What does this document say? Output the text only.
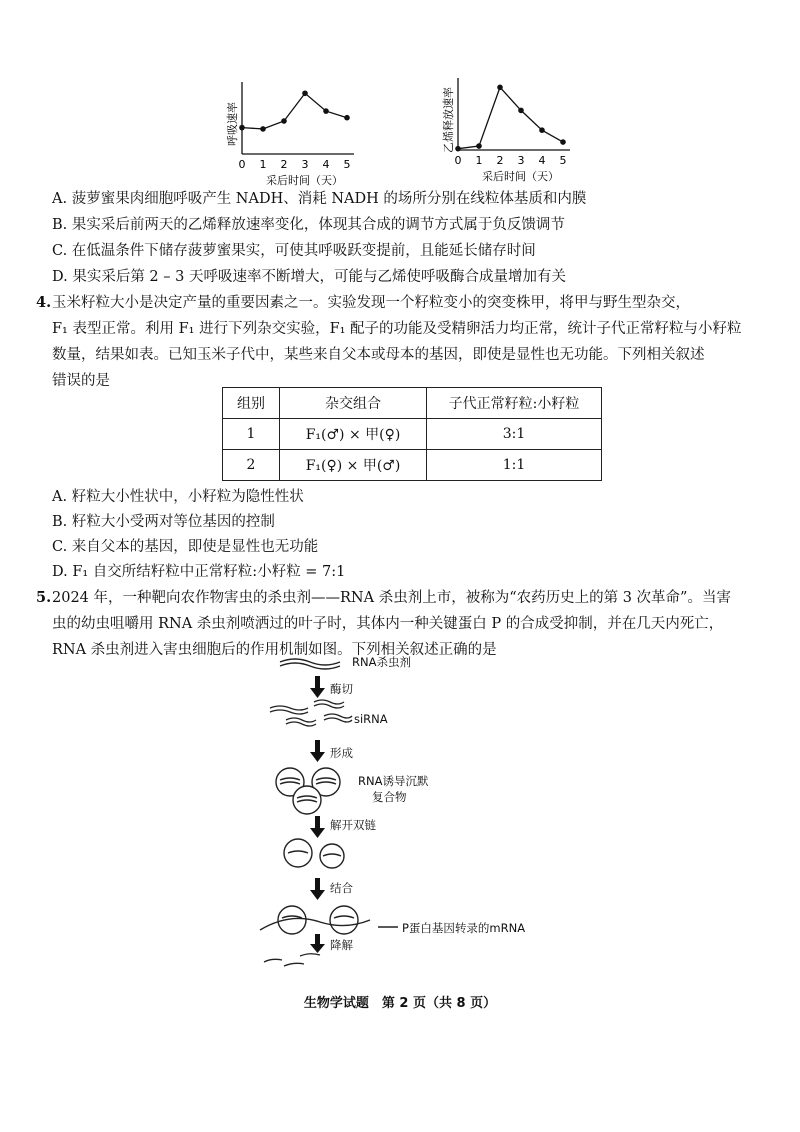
呼吸速率
0 1 2 3 4 5
采后时间（天）
乙烯释放速率
0 1 2 3 4 5
采后时间（天）
A. 菠萝蜜果肉细胞呼吸产生 NADH、消耗 NADH 的场所分别在线粒体基质和内膜
B. 果实采后前两天的乙烯释放速率变化，体现其合成的调节方式属于负反馈调节
C. 在低温条件下储存菠萝蜜果实，可使其呼吸跃变提前，且能延长储存时间
D. 果实采后第 2 – 3 天呼吸速率不断增大，可能与乙烯使呼吸酶合成量增加有关
4. 玉米籽粒大小是决定产量的重要因素之一。实验发现一个籽粒变小的突变株甲，将甲与野生型杂交，
F₁ 表型正常。利用 F₁ 进行下列杂交实验，F₁ 配子的功能及受精卵活力均正常，统计子代正常籽粒与小籽粒
数量，结果如表。已知玉米子代中，某些来自父本或母本的基因，即使是显性也无功能。下列相关叙述
错误的是
组别	杂交组合	子代正常籽粒:小籽粒
1	F₁(♂) × 甲(♀)	3:1
2	F₁(♀) × 甲(♂)	1:1
A. 籽粒大小性状中，小籽粒为隐性性状
B. 籽粒大小受两对等位基因的控制
C. 来自父本的基因，即使是显性也无功能
D. F₁ 自交所结籽粒中正常籽粒:小籽粒 = 7:1
5. 2024 年，一种靶向农作物害虫的杀虫剂——RNA 杀虫剂上市，被称为“农药历史上的第 3 次革命”。当害
虫的幼虫咀嚼用 RNA 杀虫剂喷洒过的叶子时，其体内一种关键蛋白 P 的合成受抑制，并在几天内死亡，
RNA 杀虫剂进入害虫细胞后的作用机制如图。下列相关叙述正确的是
RNA杀虫剂
酶切
siRNA
形成
RNA诱导沉默
复合物
解开双链
结合
P蛋白基因转录的mRNA
降解
生物学试题　第 2 页（共 8 页）
